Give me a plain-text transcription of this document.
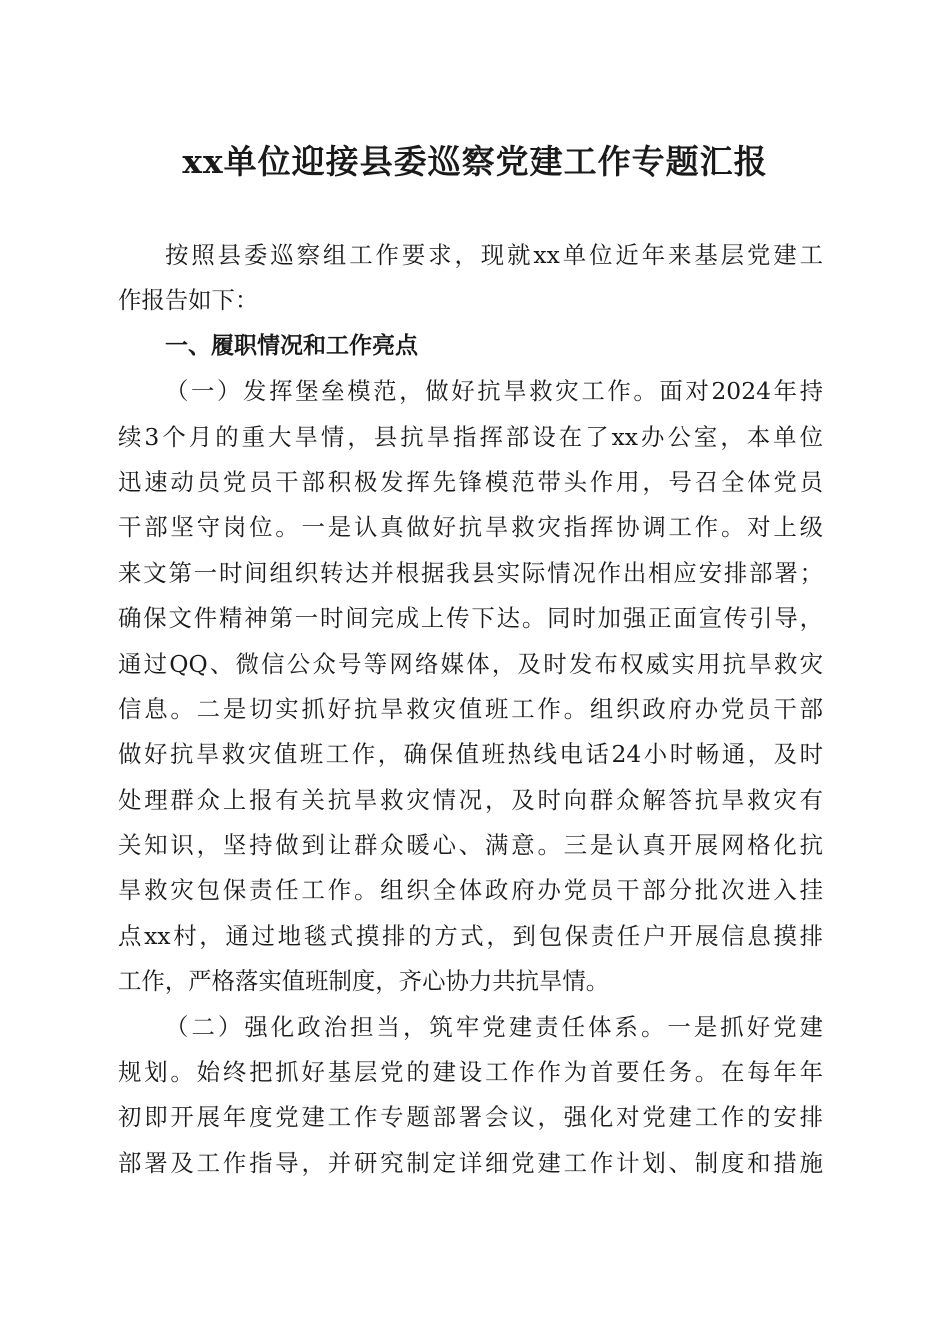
xx单位迎接县委巡察党建工作专题汇报
按照县委巡察组工作要求，现就xx单位近年来基层党建工
作报告如下：
一、履职情况和工作亮点
（一）发挥堡垒模范，做好抗旱救灾工作。面对2024年持
续3个月的重大旱情，县抗旱指挥部设在了xx办公室，本单位
迅速动员党员干部积极发挥先锋模范带头作用，号召全体党员
干部坚守岗位。一是认真做好抗旱救灾指挥协调工作。对上级
来文第一时间组织转达并根据我县实际情况作出相应安排部署；
确保文件精神第一时间完成上传下达。同时加强正面宣传引导，
通过QQ、微信公众号等网络媒体，及时发布权威实用抗旱救灾
信息。二是切实抓好抗旱救灾值班工作。组织政府办党员干部
做好抗旱救灾值班工作，确保值班热线电话24小时畅通，及时
处理群众上报有关抗旱救灾情况，及时向群众解答抗旱救灾有
关知识，坚持做到让群众暖心、满意。三是认真开展网格化抗
旱救灾包保责任工作。组织全体政府办党员干部分批次进入挂
点xx村，通过地毯式摸排的方式，到包保责任户开展信息摸排
工作，严格落实值班制度，齐心协力共抗旱情。
（二）强化政治担当，筑牢党建责任体系。一是抓好党建
规划。始终把抓好基层党的建设工作作为首要任务。在每年年
初即开展年度党建工作专题部署会议，强化对党建工作的安排
部署及工作指导，并研究制定详细党建工作计划、制度和措施
